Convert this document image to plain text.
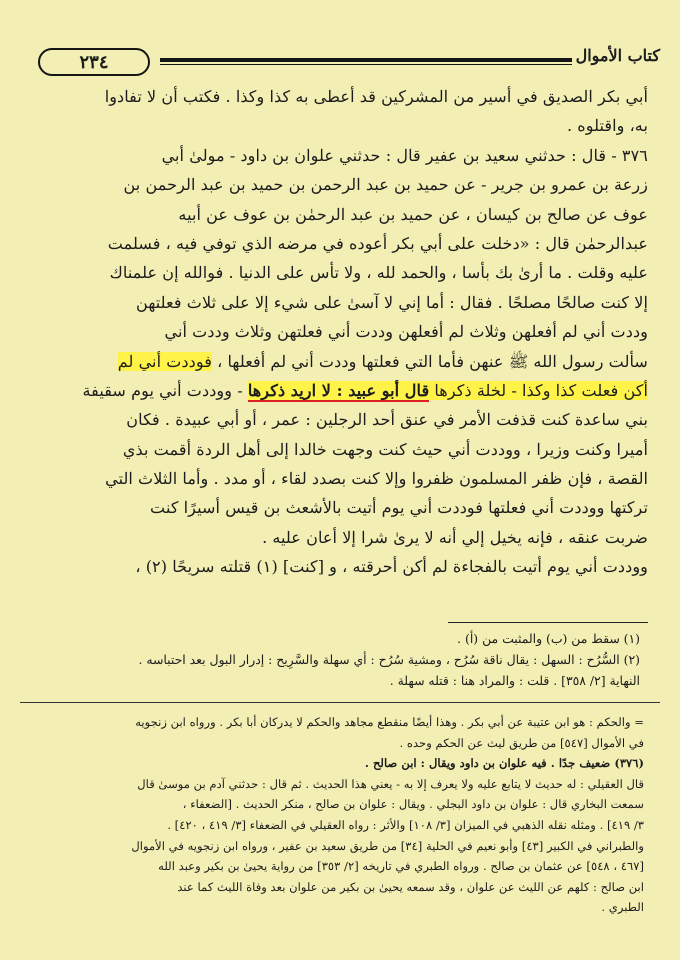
كتاب الأموال
٢٣٤
أبي بكر الصديق في أسير من المشركين قد أعطى به كذا وكذا . فكتب أن لا تفادوا
به، واقتلوه .
٣٧٦ - قال : حدثني سعيد بن عفير قال : حدثني علوان بن داود - مولىٰ أبي
زرعة بن عمرو بن جرير - عن حميد بن عبد الرحمن بن حميد بن عبد الرحمن بن
عوف عن صالح بن كيسان ، عن حميد بن عبد الرحمٰن بن عوف عن أبيه
عبدالرحمٰن قال : «دخلت على أبي بكر أعوده في مرضه الذي توفي فيه ، فسلمت
عليه وقلت . ما أرىٰ بك بأسا ، والحمد لله ، ولا تأس على الدنيا . فوالله إن علمناك
إلا كنت صالحًا مصلحًا . فقال : أما إني لا آسىٰ على شيء إلا على ثلاث فعلتهن
وددت أني لم أفعلهن وثلاث لم أفعلهن وددت أني فعلتهن وثلاث وددت أني
سألت رسول الله ﷺ عنهن فأما التي فعلتها وددت أني لم أفعلها ، فوددت أني لم
أكن فعلت كذا وكذا - لخلة ذكرها قال أبو عبيد : لا اريد ذكرها - ووددت أني يوم سقيفة
بني ساعدة كنت قذفت الأمر في عنق أحد الرجلين : عمر ، أو أبي عبيدة . فكان
أميرا وكنت وزيرا ، ووددت أني حيث كنت وجهت خالدا إلى أهل الردة أقمت بذي
القصة ، فإن ظفر المسلمون ظفروا وإلا كنت بصدد لقاء ، أو مدد . وأما الثلاث التي
تركتها ووددت أني فعلتها فوددت أني يوم أتيت بالأشعث بن قيس أسيرًا كنت
ضربت عنقه ، فإنه يخيل إلي أنه لا يرىٰ شرا إلا أعان عليه .
ووددت أني يوم أتيت بالفجاءة لم أكن أحرقته ، و [كنت] (١) قتلته سريحًا (٢) ،
(١) سقط من (ب) والمثبت من (أ) .
(٢) السُّرُح : السهل : يقال ناقة سُرُح ، ومشية سُرُح : أي سهلة والسَّرِيح : إدرار البول بعد احتباسه .
النهاية [٢/ ٣٥٨] . قلت : والمراد هنا : قتله سهلة .
= والحكم : هو ابن عتيبة عن أبي بكر . وهذا أيضًا منقطع مجاهد والحكم لا يدركان أبا بكر . ورواه ابن زنجويه
في الأموال [٥٤٧] من طريق ليث عن الحكم وحده .
(٣٧٦) ضعيف جدًا . فيه علوان بن داود ويقال : ابن صالح .
قال العقيلي : له حديث لا يتابع عليه ولا يعرف إلا به - يعني هذا الحديث . ثم قال : حدثني آدم بن موسىٰ قال
سمعت البخاري قال : علوان بن داود البجلي . ويقال : علوان بن صالح ، منكر الحديث . [الضعفاء ،
٣/ ٤١٩] . ومثله نقله الذهبي في الميزان [٣/ ١٠٨] والأثر : رواه العقيلي في الضعفاء [٣/ ٤١٩ ، ٤٢٠] .
والطبراني في الكبير [٤٣] وأبو نعيم في الحلية [٣٤] من طريق سعيد بن عفير ، ورواه ابن زنجويه في الأموال
[٤٦٧ ، ٥٤٨] عن عثمان بن صالح . ورواه الطبري في تاريخه [٢/ ٣٥٣] من رواية يحيىٰ بن بكير وعبد الله
ابن صالح : كلهم عن الليث عن علوان ، وقد سمعه يحيىٰ بن بكير من علوان بعد وفاة الليث كما عند
الطبري .
